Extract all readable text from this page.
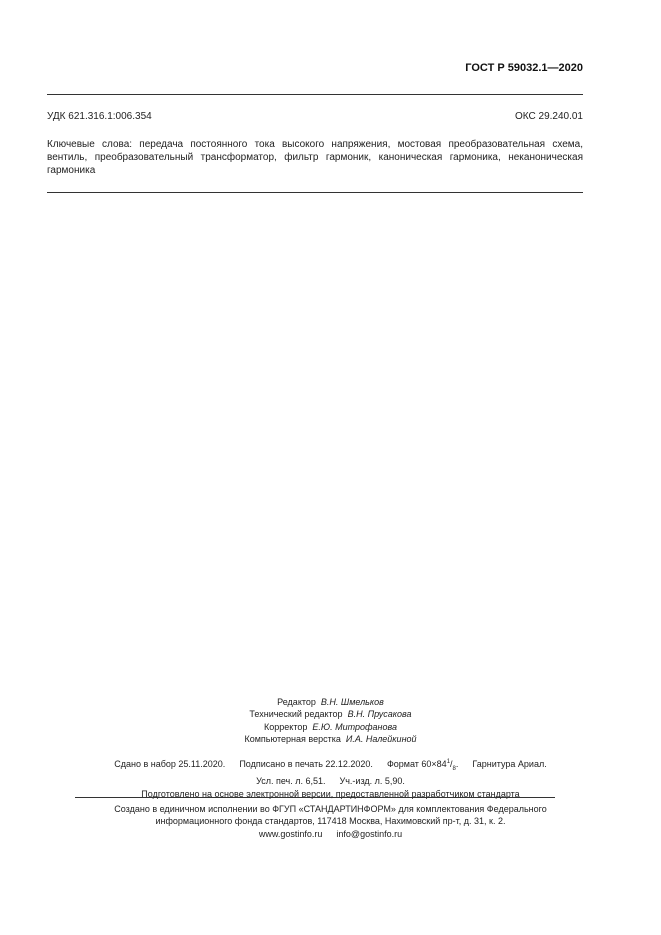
ГОСТ Р 59032.1—2020
УДК 621.316.1:006.354	ОКС 29.240.01
Ключевые слова: передача постоянного тока высокого напряжения, мостовая преобразовательная схема, вентиль, преобразовательный трансформатор, фильтр гармоник, каноническая гармоника, неканоническая гармоника
Редактор В.Н. Шмельков
Технический редактор В.Н. Прусакова
Корректор Е.Ю. Митрофанова
Компьютерная верстка И.А. Налейкиной
Сдано в набор 25.11.2020. Подписано в печать 22.12.2020. Формат $60\times 84^1/_8$. Гарнитура Ариал.
Усл. печ. л. 6,51. Уч.-изд. л. 5,90.
Подготовлено на основе электронной версии, предоставленной разработчиком стандарта
Создано в единичном исполнении во ФГУП «СТАНДАРТИНФОРМ» для комплектования Федерального
информационного фонда стандартов, 117418 Москва, Нахимовский пр-т, д. 31, к. 2.
www.gostinfo.ru info@gostinfo.ru
